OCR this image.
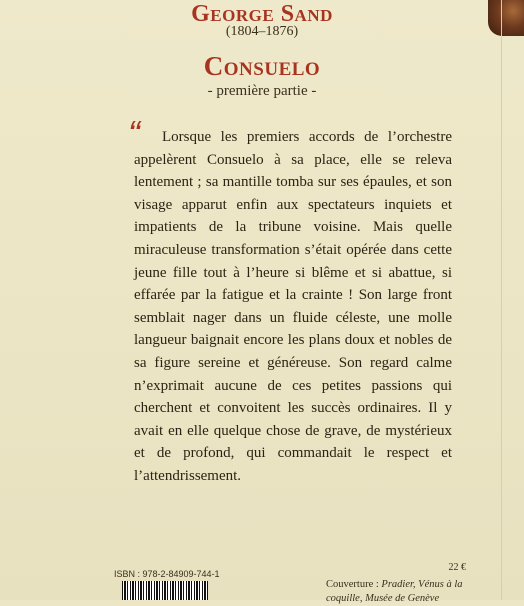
George Sand
(1804–1876)
Consuelo
- première partie -
“	Lorsque les premiers accords de l’orchestre appelèrent Consuelo à sa place, elle se releva lentement ; sa mantille tomba sur ses épaules, et son visage apparut enfin aux spectateurs inquiets et impatients de la tribune voisine. Mais quelle miraculeuse transformation s’était opérée dans cette jeune fille tout à l’heure si blême et si abattue, si effarée par la fatigue et la crainte ! Son large front semblait nager dans un fluide céleste, une molle langueur baignait encore les plans doux et nobles de sa figure sereine et généreuse. Son regard calme n’exprimait aucune de ces petites passions qui cherchent et convoitent les succès ordinaires. Il y avait en elle quelque chose de grave, de mystérieux et de profond, qui commandait le respect et l’attendrissement.
22 €
ISBN : 978-2-84909-744-1
Couverture : Pradier, Vénus à la coquille, Musée de Genève
